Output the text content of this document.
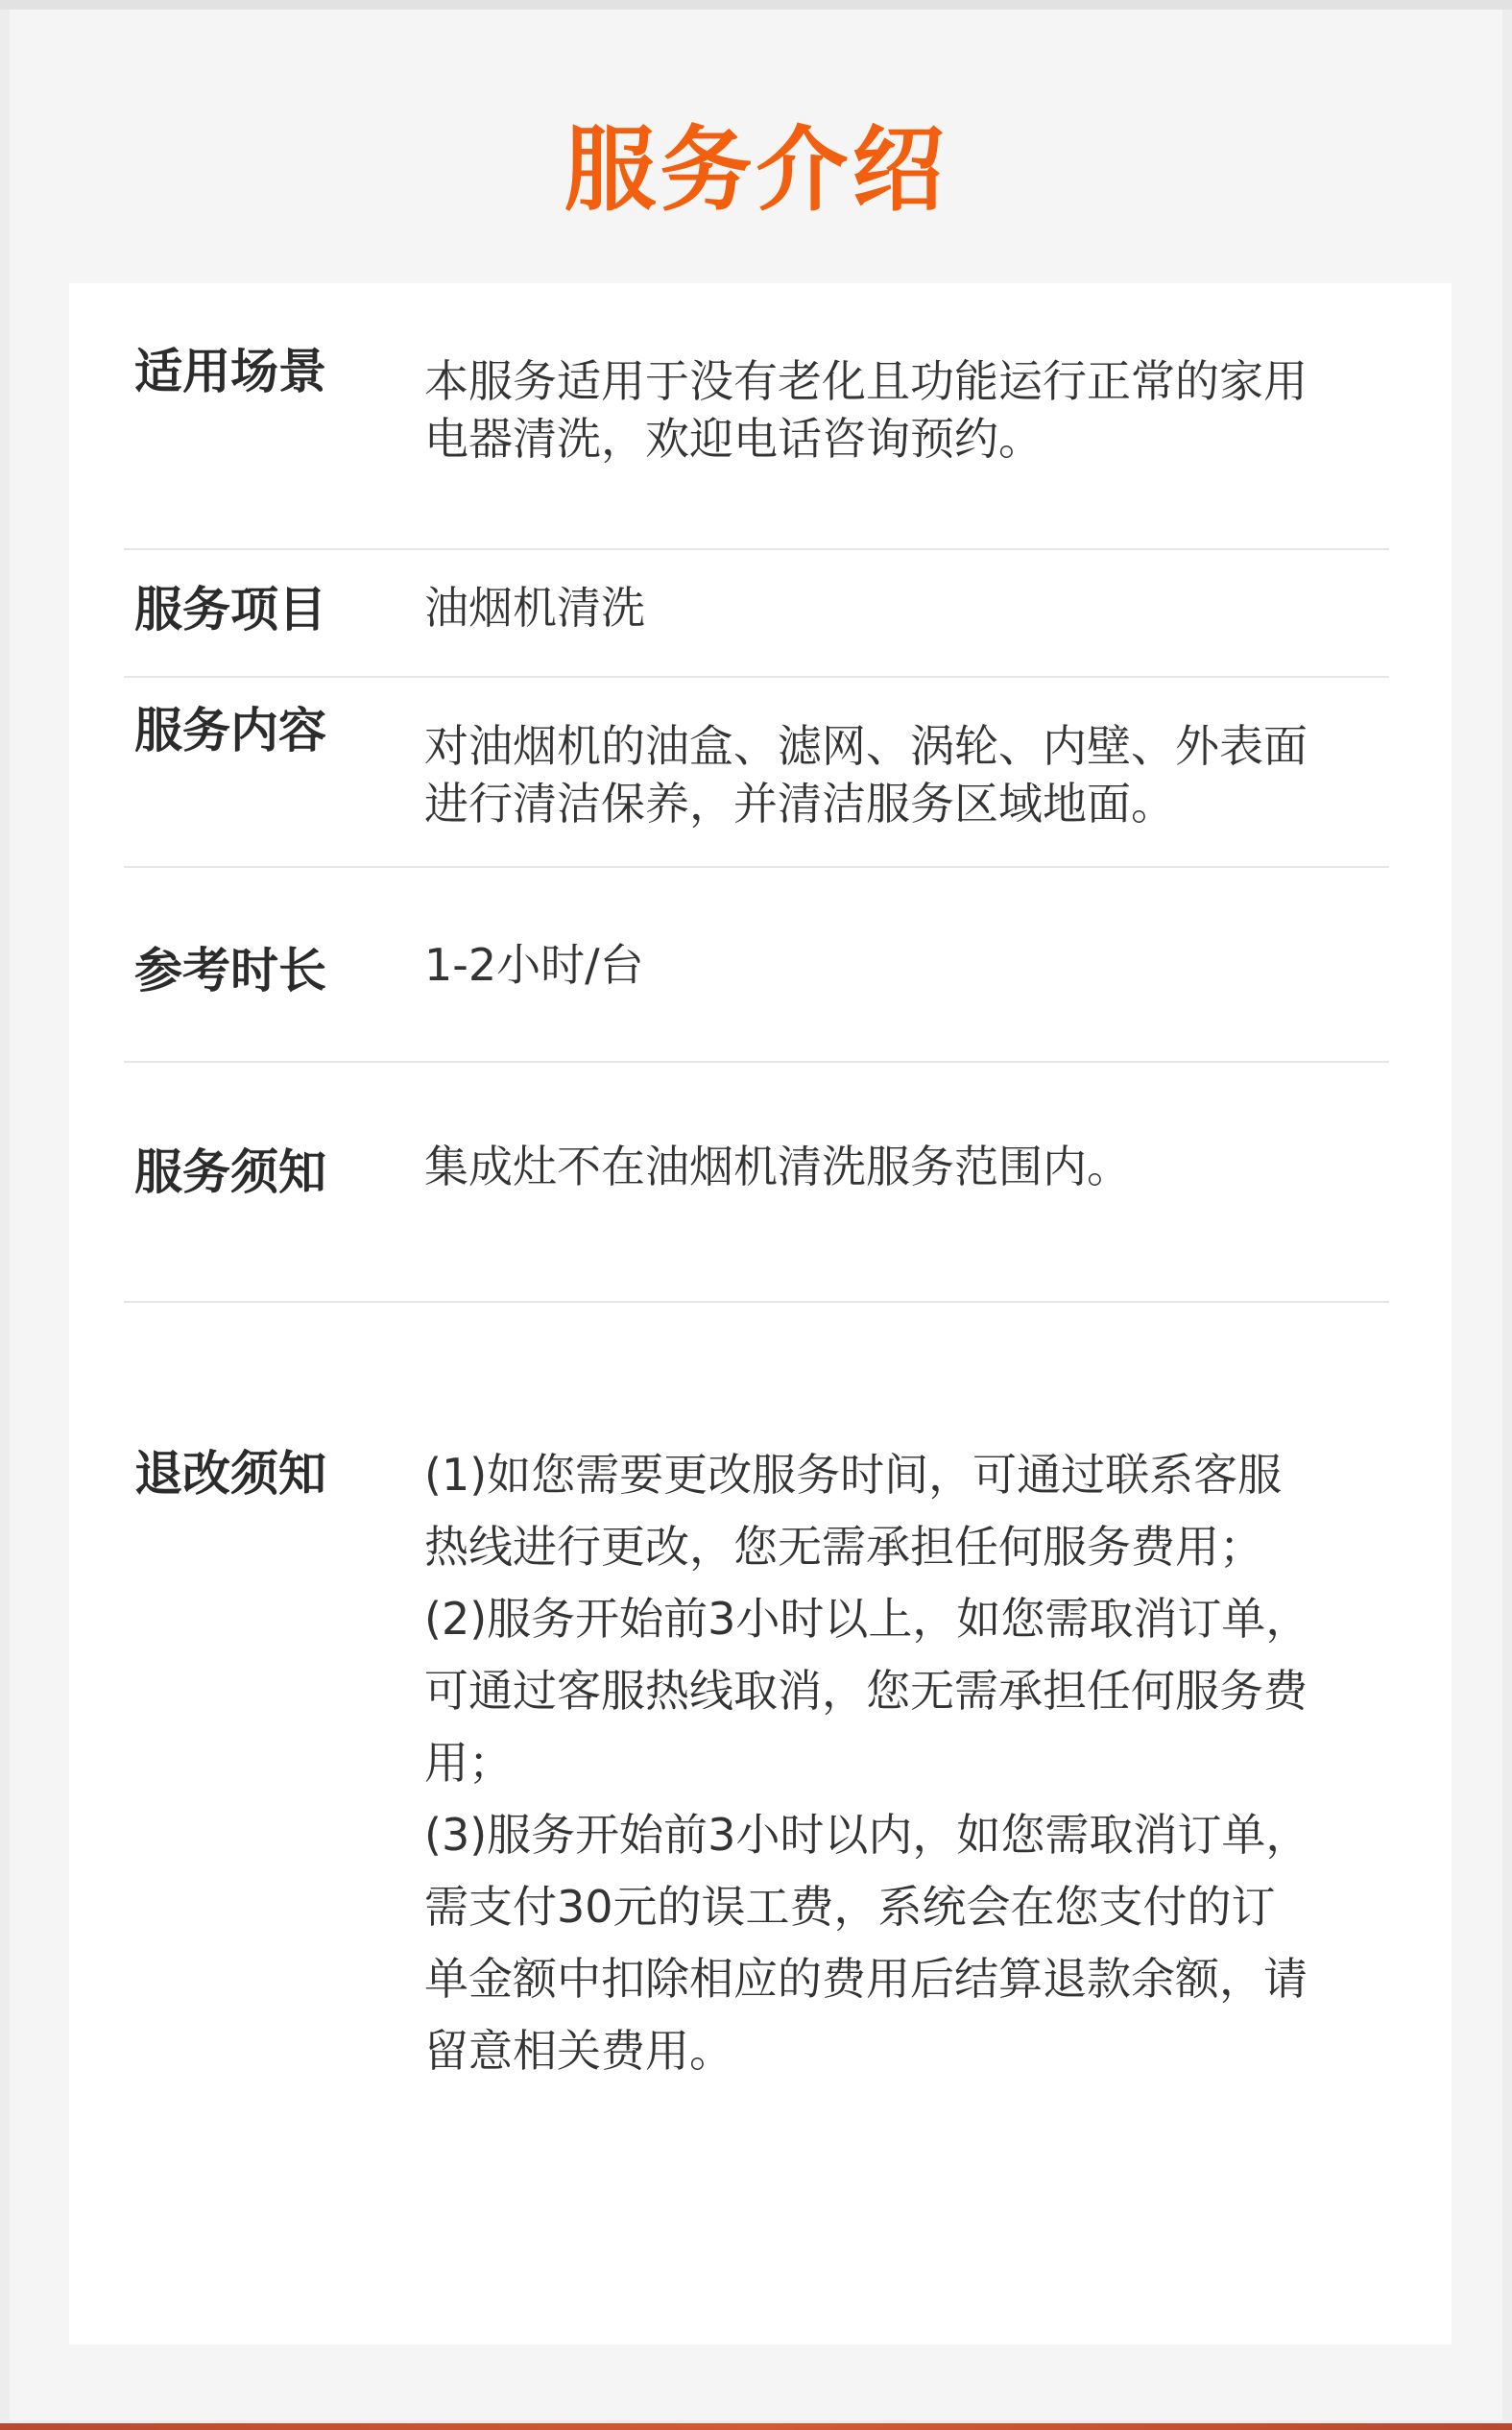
服务介绍
适用场景 本服务适用于没有老化且功能运行正常的家用

电器清洗，欢迎电话咨询预约。

服务项目 油烟机清洗

服务内容 对油烟机的油盒、滤网、涡轮、内壁、外表面

进行清洁保养，并清洁服务区域地面。

参考时长 1-2小时/台

服务须知 集成灶不在油烟机清洗服务范围内。

退改须知 (1)如您需要更改服务时间，可通过联系客服

热线进行更改，您无需承担任何服务费用；

(2)服务开始前3小时以上，如您需取消订单，

可通过客服热线取消，您无需承担任何服务费

用；

(3)服务开始前3小时以内，如您需取消订单，

需支付30元的误工费，系统会在您支付的订

单金额中扣除相应的费用后结算退款余额，请

留意相关费用。
